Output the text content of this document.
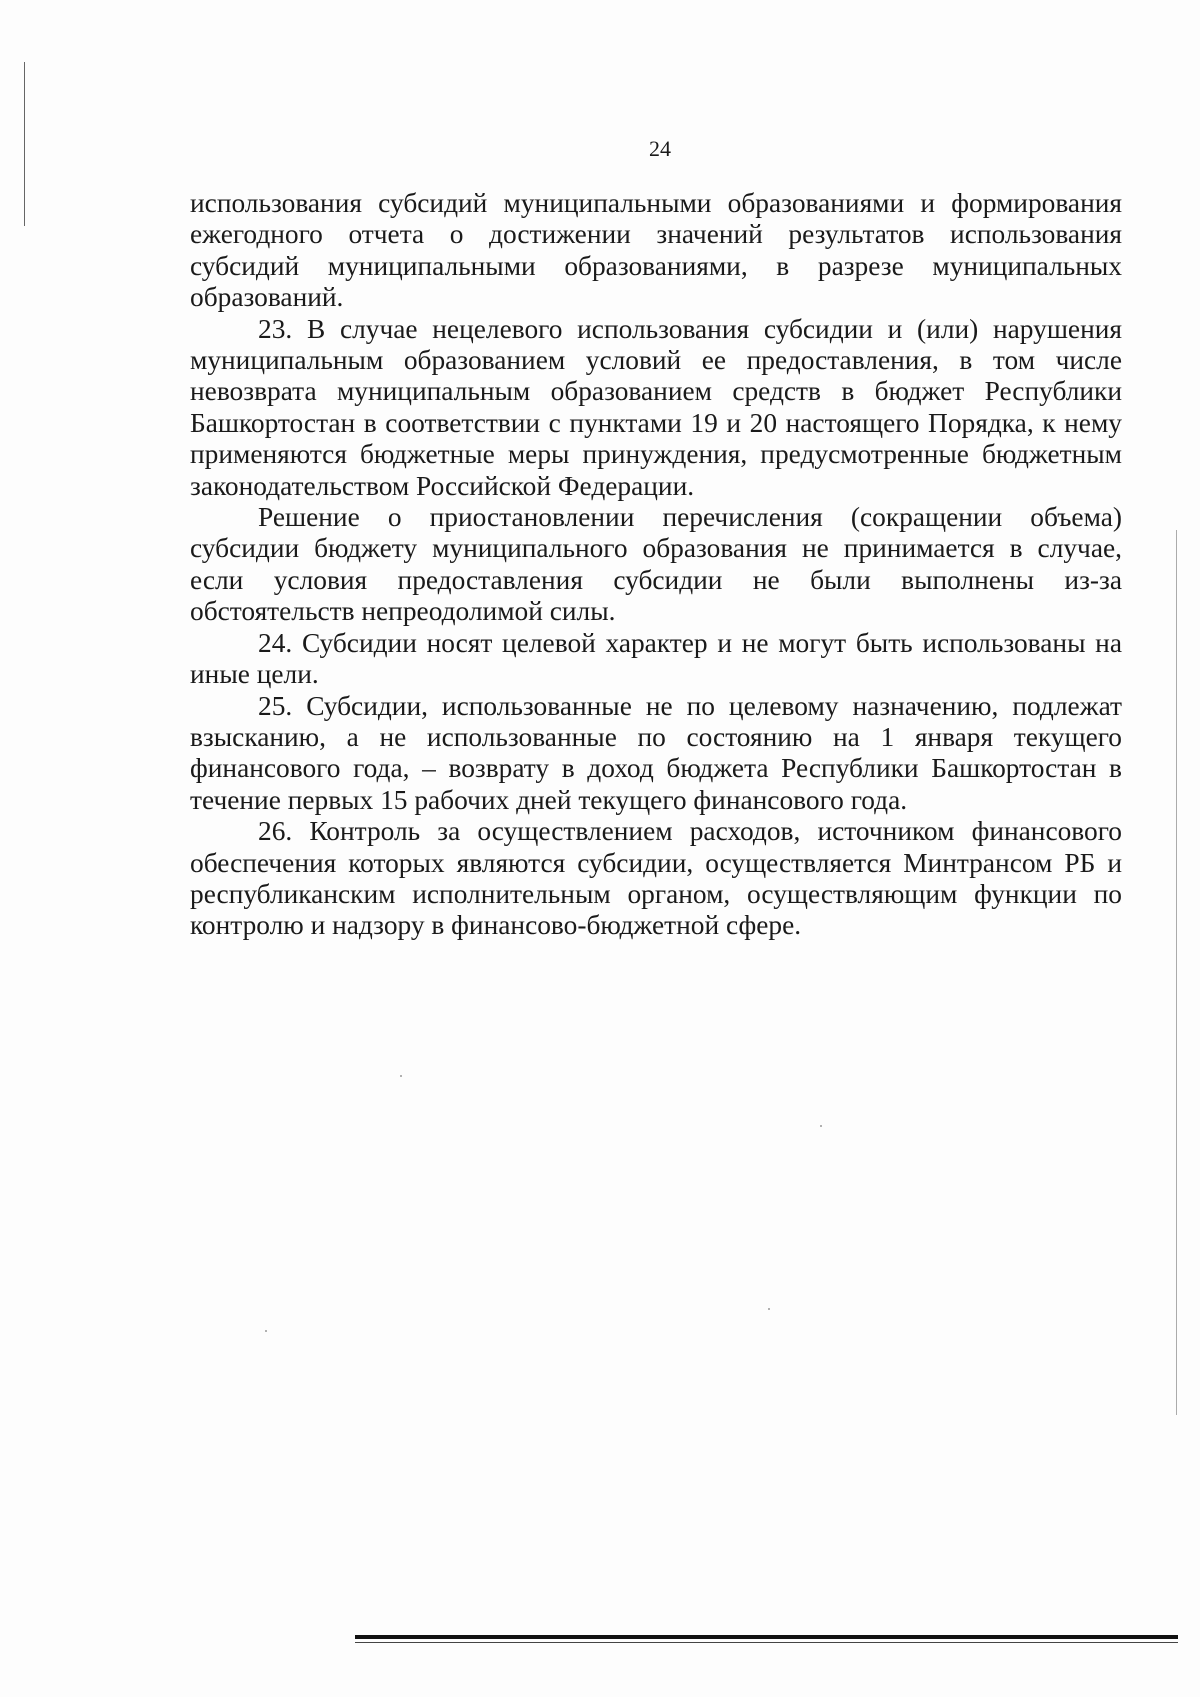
24

использования субсидий муниципальными образованиями и формирования ежегодного отчета о достижении значений результатов использования субсидий муниципальными образованиями, в разрезе муниципальных образований.

23. В случае нецелевого использования субсидии и (или) нарушения муниципальным образованием условий ее предоставления, в том числе невозврата муниципальным образованием средств в бюджет Республики Башкортостан в соответствии с пунктами 19 и 20 настоящего Порядка, к нему применяются бюджетные меры принуждения, предусмотренные бюджетным законодательством Российской Федерации.

Решение о приостановлении перечисления (сокращении объема) субсидии бюджету муниципального образования не принимается в случае, если условия предоставления субсидии не были выполнены из-за обстоятельств непреодолимой силы.

24. Субсидии носят целевой характер и не могут быть использованы на иные цели.

25. Субсидии, использованные не по целевому назначению, подлежат взысканию, а не использованные по состоянию на 1 января текущего финансового года, – возврату в доход бюджета Республики Башкортостан в течение первых 15 рабочих дней текущего финансового года.

26. Контроль за осуществлением расходов, источником финансового обеспечения которых являются субсидии, осуществляется Минтрансом РБ и республиканским исполнительным органом, осуществляющим функции по контролю и надзору в финансово-бюджетной сфере.
